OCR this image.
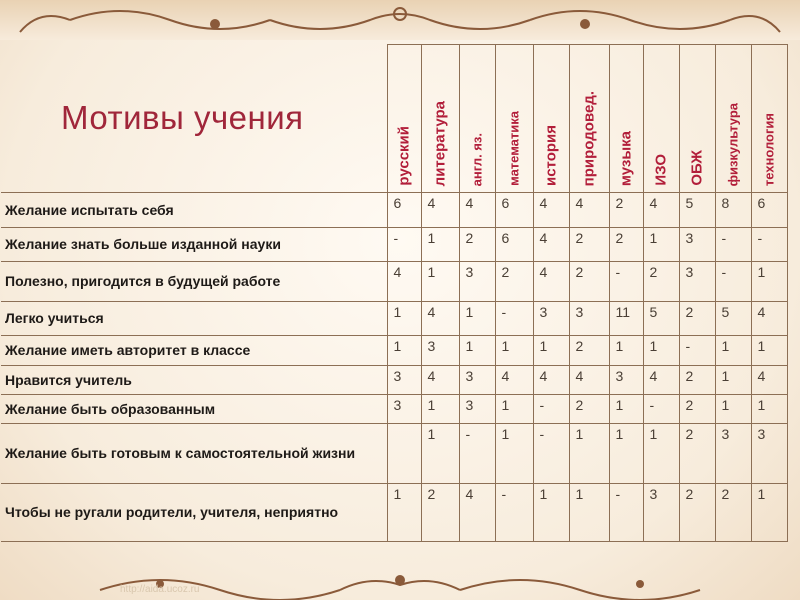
Мотивы учения	русский	литература	англ. яз.	математика	история	природовед.	музыка	ИЗО	ОБЖ	физкультура	технология

Желание испытать себя	6	4	4	6	4	4	2	4	5	8	6
Желание знать больше изданной науки	-	1	2	6	4	2	2	1	3	-	-
Полезно, пригодится в будущей работе	4	1	3	2	4	2	-	2	3	-	1
Легко учиться	1	4	1	-	3	3	11	5	2	5	4
Желание иметь авторитет в классе	1	3	1	1	1	2	1	1	-	1	1
Нравится учитель	3	4	3	4	4	4	3	4	2	1	4
Желание быть образованным	3	1	3	1	-	2	1	-	2	1	1
Желание быть готовым к самостоятельной жизни		1	-	1	-	1	1	1	2	3	3
Чтобы не ругали родители, учителя, неприятно	1	2	4	-	1	1	-	3	2	2	1
http://aida.ucoz.ru
